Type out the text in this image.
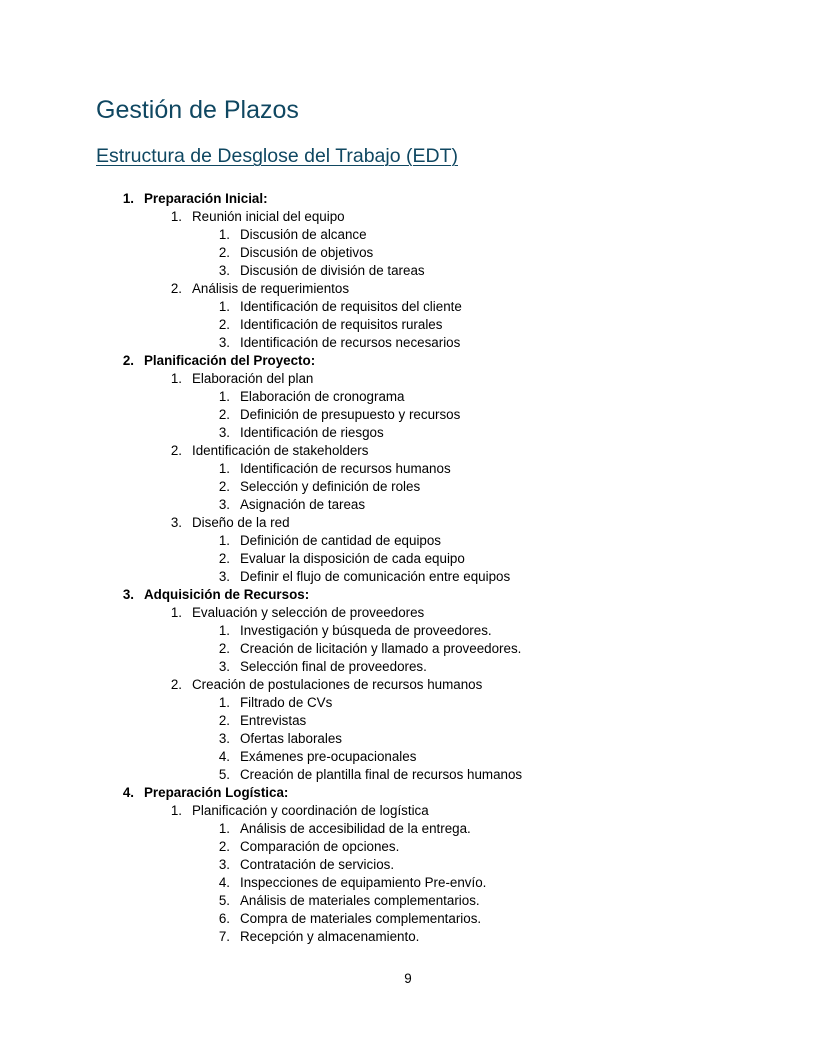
Gestión de Plazos
Estructura de Desglose del Trabajo (EDT)
1. Preparación Inicial:
1. Reunión inicial del equipo
1. Discusión de alcance
2. Discusión de objetivos
3. Discusión de división de tareas
2. Análisis de requerimientos
1. Identificación de requisitos del cliente
2. Identificación de requisitos rurales
3. Identificación de recursos necesarios
2. Planificación del Proyecto:
1. Elaboración del plan
1. Elaboración de cronograma
2. Definición de presupuesto y recursos
3. Identificación de riesgos
2. Identificación de stakeholders
1. Identificación de recursos humanos
2. Selección y definición de roles
3. Asignación de tareas
3. Diseño de la red
1. Definición de cantidad de equipos
2. Evaluar la disposición de cada equipo
3. Definir el flujo de comunicación entre equipos
3. Adquisición de Recursos:
1. Evaluación y selección de proveedores
1. Investigación y búsqueda de proveedores.
2. Creación de licitación y llamado a proveedores.
3. Selección final de proveedores.
2. Creación de postulaciones de recursos humanos
1. Filtrado de CVs
2. Entrevistas
3. Ofertas laborales
4. Exámenes pre-ocupacionales
5. Creación de plantilla final de recursos humanos
4. Preparación Logística:
1. Planificación y coordinación de logística
1. Análisis de accesibilidad de la entrega.
2. Comparación de opciones.
3. Contratación de servicios.
4. Inspecciones de equipamiento Pre-envío.
5. Análisis de materiales complementarios.
6. Compra de materiales complementarios.
7. Recepción y almacenamiento.
9
